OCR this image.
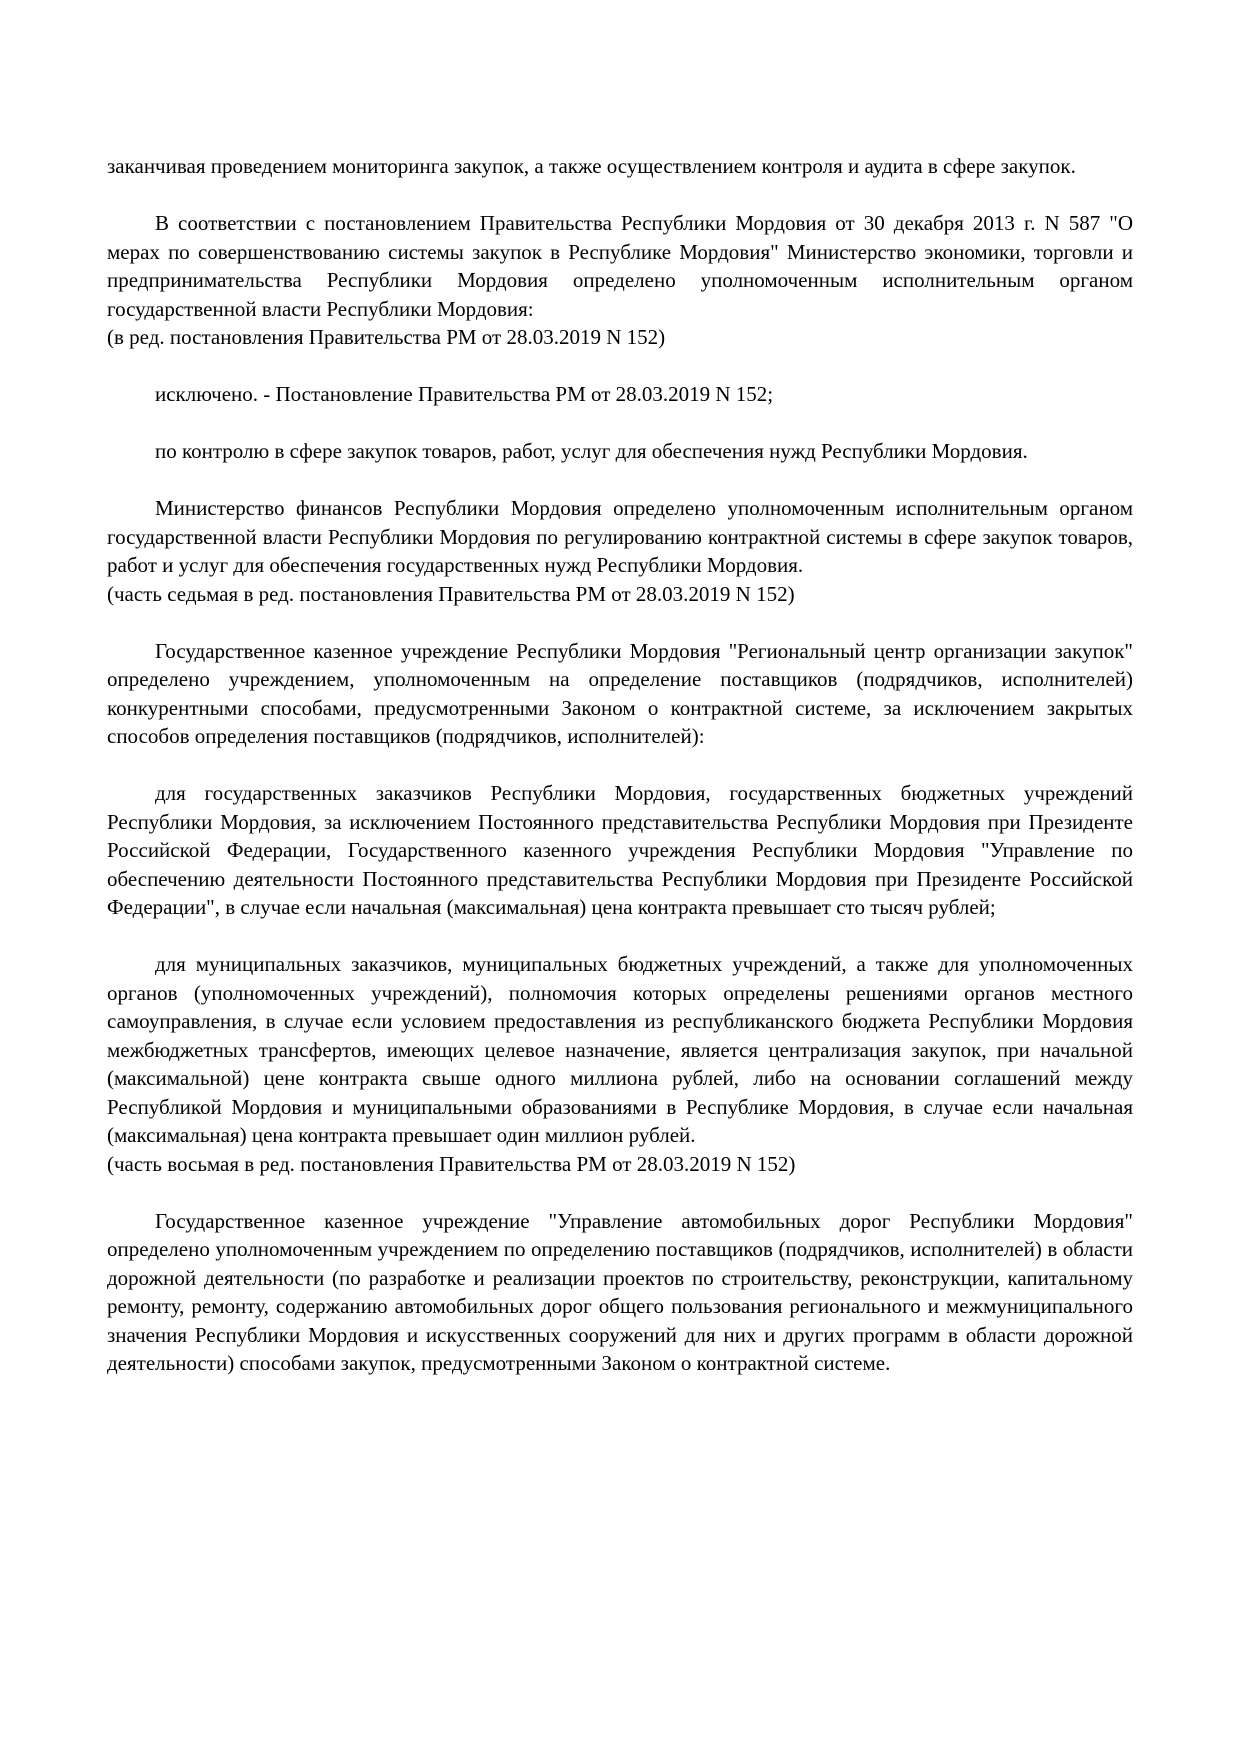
заканчивая проведением мониторинга закупок, а также осуществлением контроля и аудита в сфере закупок.

В соответствии с постановлением Правительства Республики Мордовия от 30 декабря 2013 г. N 587 "О мерах по совершенствованию системы закупок в Республике Мордовия" Министерство экономики, торговли и предпринимательства Республики Мордовия определено уполномоченным исполнительным органом государственной власти Республики Мордовия:

(в ред. постановления Правительства РМ от 28.03.2019 N 152)

исключено. - Постановление Правительства РМ от 28.03.2019 N 152;

по контролю в сфере закупок товаров, работ, услуг для обеспечения нужд Республики Мордовия.

Министерство финансов Республики Мордовия определено уполномоченным исполнительным органом государственной власти Республики Мордовия по регулированию контрактной системы в сфере закупок товаров, работ и услуг для обеспечения государственных нужд Республики Мордовия.

(часть седьмая в ред. постановления Правительства РМ от 28.03.2019 N 152)

Государственное казенное учреждение Республики Мордовия "Региональный центр организации закупок" определено учреждением, уполномоченным на определение поставщиков (подрядчиков, исполнителей) конкурентными способами, предусмотренными Законом о контрактной системе, за исключением закрытых способов определения поставщиков (подрядчиков, исполнителей):

для государственных заказчиков Республики Мордовия, государственных бюджетных учреждений Республики Мордовия, за исключением Постоянного представительства Республики Мордовия при Президенте Российской Федерации, Государственного казенного учреждения Республики Мордовия "Управление по обеспечению деятельности Постоянного представительства Республики Мордовия при Президенте Российской Федерации", в случае если начальная (максимальная) цена контракта превышает сто тысяч рублей;

для муниципальных заказчиков, муниципальных бюджетных учреждений, а также для уполномоченных органов (уполномоченных учреждений), полномочия которых определены решениями органов местного самоуправления, в случае если условием предоставления из республиканского бюджета Республики Мордовия межбюджетных трансфертов, имеющих целевое назначение, является централизация закупок, при начальной (максимальной) цене контракта свыше одного миллиона рублей, либо на основании соглашений между Республикой Мордовия и муниципальными образованиями в Республике Мордовия, в случае если начальная (максимальная) цена контракта превышает один миллион рублей.

(часть восьмая в ред. постановления Правительства РМ от 28.03.2019 N 152)

Государственное казенное учреждение "Управление автомобильных дорог Республики Мордовия" определено уполномоченным учреждением по определению поставщиков (подрядчиков, исполнителей) в области дорожной деятельности (по разработке и реализации проектов по строительству, реконструкции, капитальному ремонту, ремонту, содержанию автомобильных дорог общего пользования регионального и межмуниципального значения Республики Мордовия и искусственных сооружений для них и других программ в области дорожной деятельности) способами закупок, предусмотренными Законом о контрактной системе.
